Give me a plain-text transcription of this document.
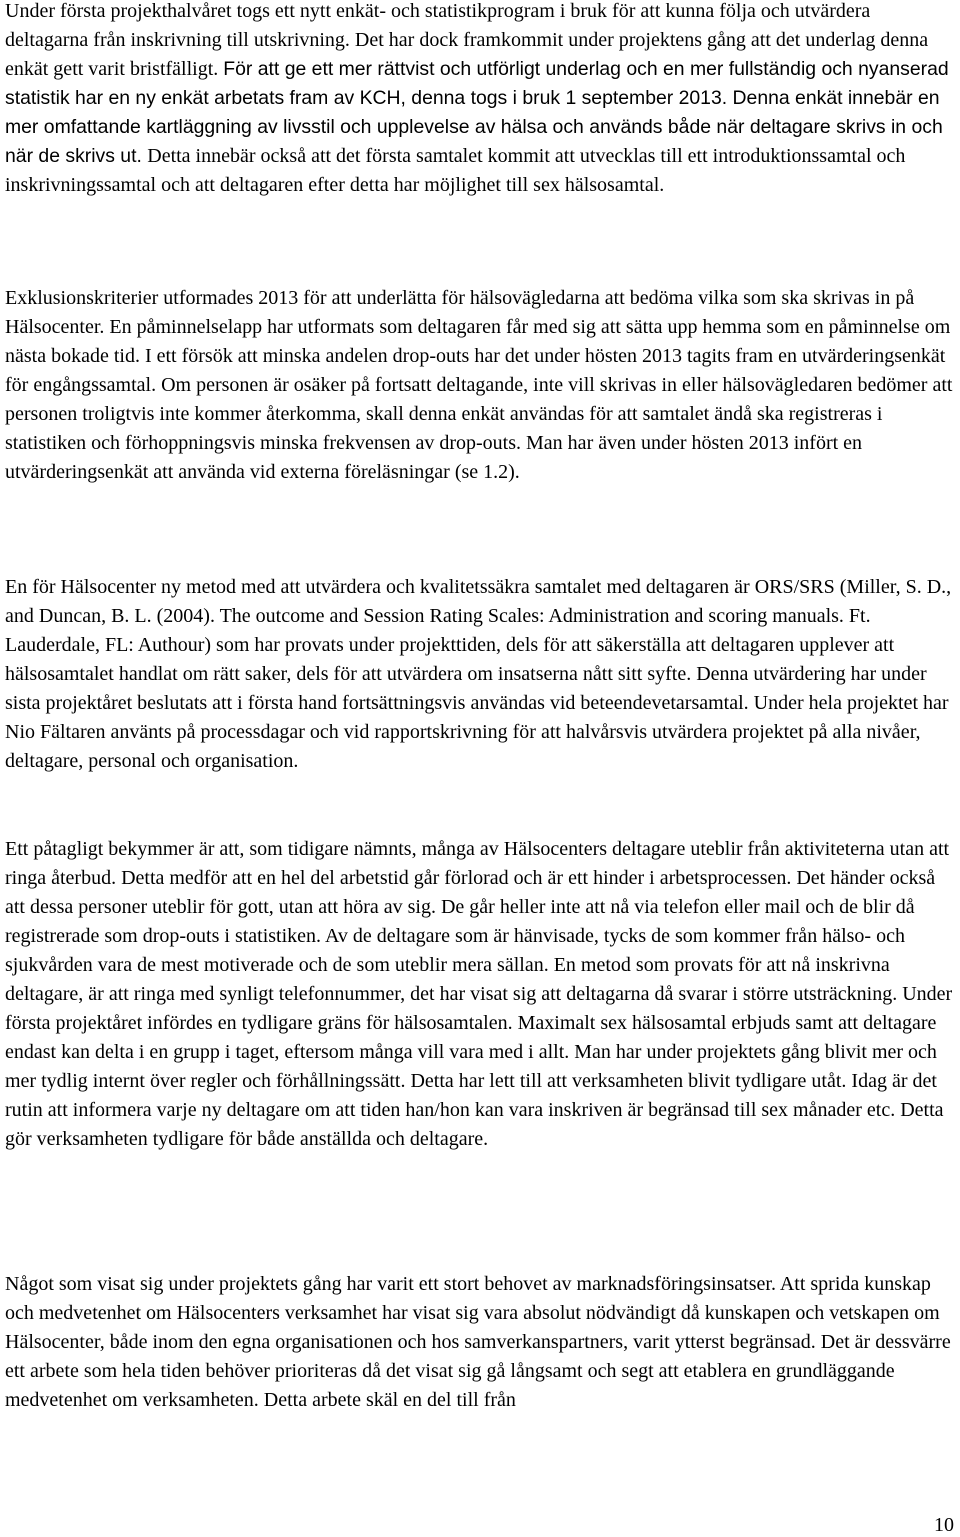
Under första projekthalvåret togs ett nytt enkät- och statistikprogram i bruk för att kunna följa och utvärdera deltagarna från inskrivning till utskrivning. Det har dock framkommit under projektens gång att det underlag denna enkät gett varit bristfälligt. För att ge ett mer rättvist och utförligt underlag och en mer fullständig och nyanserad statistik har en ny enkät arbetats fram av KCH, denna togs i bruk 1 september 2013. Denna enkät innebär en mer omfattande kartläggning av livsstil och upplevelse av hälsa och används både när deltagare skrivs in och när de skrivs ut. Detta innebär också att det första samtalet kommit att utvecklas till ett introduktionssamtal och inskrivningssamtal och att deltagaren efter detta har möjlighet till sex hälsosamtal.

Exklusionskriterier utformades 2013 för att underlätta för hälsovägledarna att bedöma vilka som ska skrivas in på Hälsocenter. En påminnelselapp har utformats som deltagaren får med sig att sätta upp hemma som en påminnelse om nästa bokade tid. I ett försök att minska andelen drop-outs har det under hösten 2013 tagits fram en utvärderingsenkät för engångssamtal. Om personen är osäker på fortsatt deltagande, inte vill skrivas in eller hälsovägledaren bedömer att personen troligtvis inte kommer återkomma, skall denna enkät användas för att samtalet ändå ska registreras i statistiken och förhoppningsvis minska frekvensen av drop-outs. Man har även under hösten 2013 infört en utvärderingsenkät att använda vid externa föreläsningar (se 1.2).

En för Hälsocenter ny metod med att utvärdera och kvalitetssäkra samtalet med deltagaren är ORS/SRS (Miller, S. D., and Duncan, B. L. (2004). The outcome and Session Rating Scales: Administration and scoring manuals. Ft. Lauderdale, FL: Authour) som har provats under projekttiden, dels för att säkerställa att deltagaren upplever att hälsosamtalet handlat om rätt saker, dels för att utvärdera om insatserna nått sitt syfte. Denna utvärdering har under sista projektåret beslutats att i första hand fortsättningsvis användas vid beteendevetarsamtal. Under hela projektet har Nio Fältaren använts på processdagar och vid rapportskrivning för att halvårsvis utvärdera projektet på alla nivåer, deltagare, personal och organisation.

Ett påtagligt bekymmer är att, som tidigare nämnts, många av Hälsocenters deltagare uteblir från aktiviteterna utan att ringa återbud. Detta medför att en hel del arbetstid går förlorad och är ett hinder i arbetsprocessen. Det händer också att dessa personer uteblir för gott, utan att höra av sig. De går heller inte att nå via telefon eller mail och de blir då registrerade som drop-outs i statistiken. Av de deltagare som är hänvisade, tycks de som kommer från hälso- och sjukvården vara de mest motiverade och de som uteblir mera sällan. En metod som provats för att nå inskrivna deltagare, är att ringa med synligt telefonnummer, det har visat sig att deltagarna då svarar i större utsträckning. Under första projektåret infördes en tydligare gräns för hälsosamtalen. Maximalt sex hälsosamtal erbjuds samt att deltagare endast kan delta i en grupp i taget, eftersom många vill vara med i allt. Man har under projektets gång blivit mer och mer tydlig internt över regler och förhållningssätt. Detta har lett till att verksamheten blivit tydligare utåt. Idag är det rutin att informera varje ny deltagare om att tiden han/hon kan vara inskriven är begränsad till sex månader etc. Detta gör verksamheten tydligare för både anställda och deltagare.

Något som visat sig under projektets gång har varit ett stort behovet av marknadsföringsinsatser. Att sprida kunskap och medvetenhet om Hälsocenters verksamhet har visat sig vara absolut nödvändigt då kunskapen och vetskapen om Hälsocenter, både inom den egna organisationen och hos samverkanspartners, varit ytterst begränsad. Det är dessvärre ett arbete som hela tiden behöver prioriteras då det visat sig gå långsamt och segt att etablera en grundläggande medvetenhet om verksamheten. Detta arbete skäl en del till från

10
